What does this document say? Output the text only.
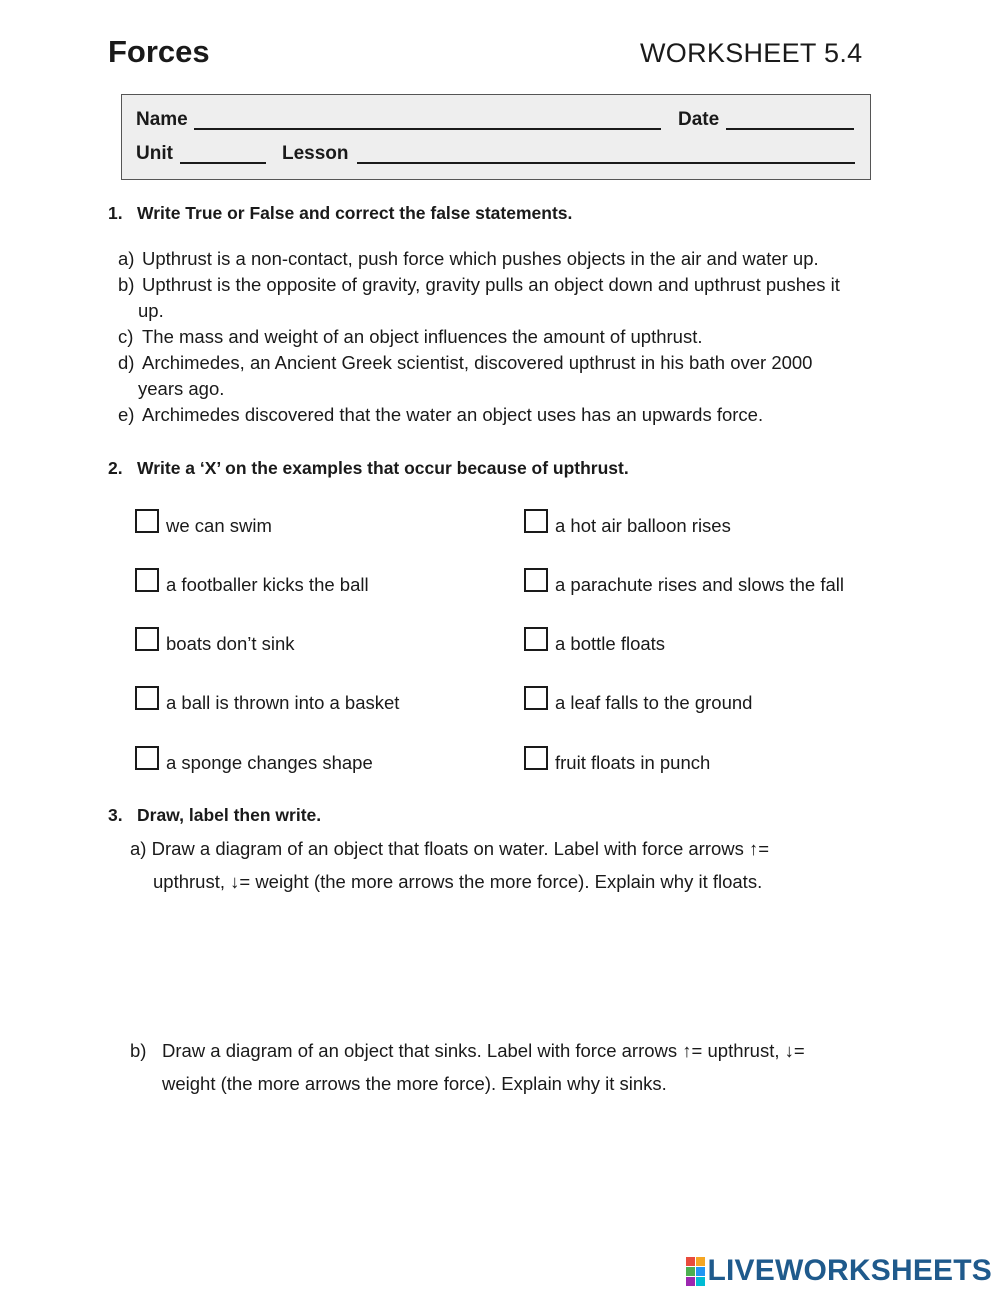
Forces	WORKSHEET 5.4
Name	Date
Unit	Lesson
1. Write True or False and correct the false statements.
a) Upthrust is a non-contact, push force which pushes objects in the air and water up.
b) Upthrust is the opposite of gravity, gravity pulls an object down and upthrust pushes it
up.
c) The mass and weight of an object influences the amount of upthrust.
d) Archimedes, an Ancient Greek scientist, discovered upthrust in his bath over 2000
years ago.
e) Archimedes discovered that the water an object uses has an upwards force.
2. Write a ‘X’ on the examples that occur because of upthrust.
we can swim
a footballer kicks the ball
boats don’t sink
a ball is thrown into a basket
a sponge changes shape
a hot air balloon rises
a parachute rises and slows the fall
a bottle floats
a leaf falls to the ground
fruit floats in punch
3. Draw, label then write.
a) Draw a diagram of an object that floats on water. Label with force arrows ↑=
upthrust, ↓= weight (the more arrows the more force). Explain why it floats.
b) Draw a diagram of an object that sinks. Label with force arrows ↑= upthrust, ↓=
weight (the more arrows the more force). Explain why it sinks.
LIVEWORKSHEETS
